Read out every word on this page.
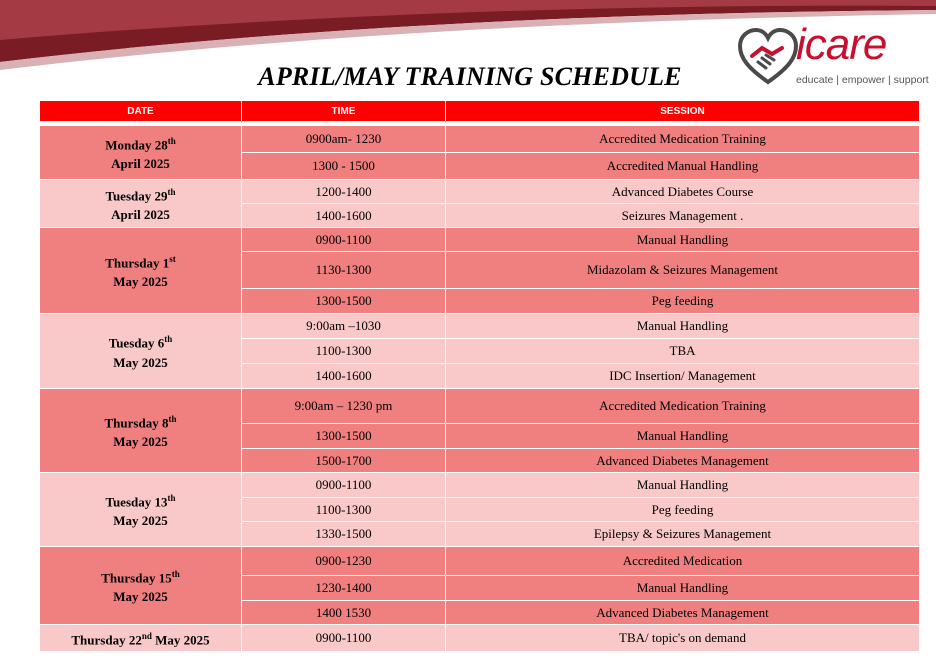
APRIL/MAY TRAINING SCHEDULE
icare
educate | empower | support
DATE	TIME	SESSION

Monday 28th
April 2025	0900am- 1230	Accredited Medication Training
	1300 - 1500	Accredited Manual Handling
Tuesday 29th
April 2025	1200-1400	Advanced Diabetes Course
	1400-1600	Seizures Management .
Thursday 1st
May 2025	0900-1100	Manual Handling
	1130-1300	Midazolam & Seizures Management
	1300-1500	Peg feeding
Tuesday 6th
May 2025	9:00am –1030	Manual Handling
	1100-1300	TBA
	1400-1600	IDC Insertion/ Management
Thursday 8th
May 2025	9:00am – 1230 pm	Accredited Medication Training
	1300-1500	Manual Handling
	1500-1700	Advanced Diabetes Management
Tuesday 13th
May 2025	0900-1100	Manual Handling
	1100-1300	Peg feeding
	1330-1500	Epilepsy & Seizures Management
Thursday 15th
May 2025	0900-1230	Accredited Medication
	1230-1400	Manual Handling
	1400 1530	Advanced Diabetes Management
Thursday 22nd May 2025	0900-1100	TBA/ topic's on demand
